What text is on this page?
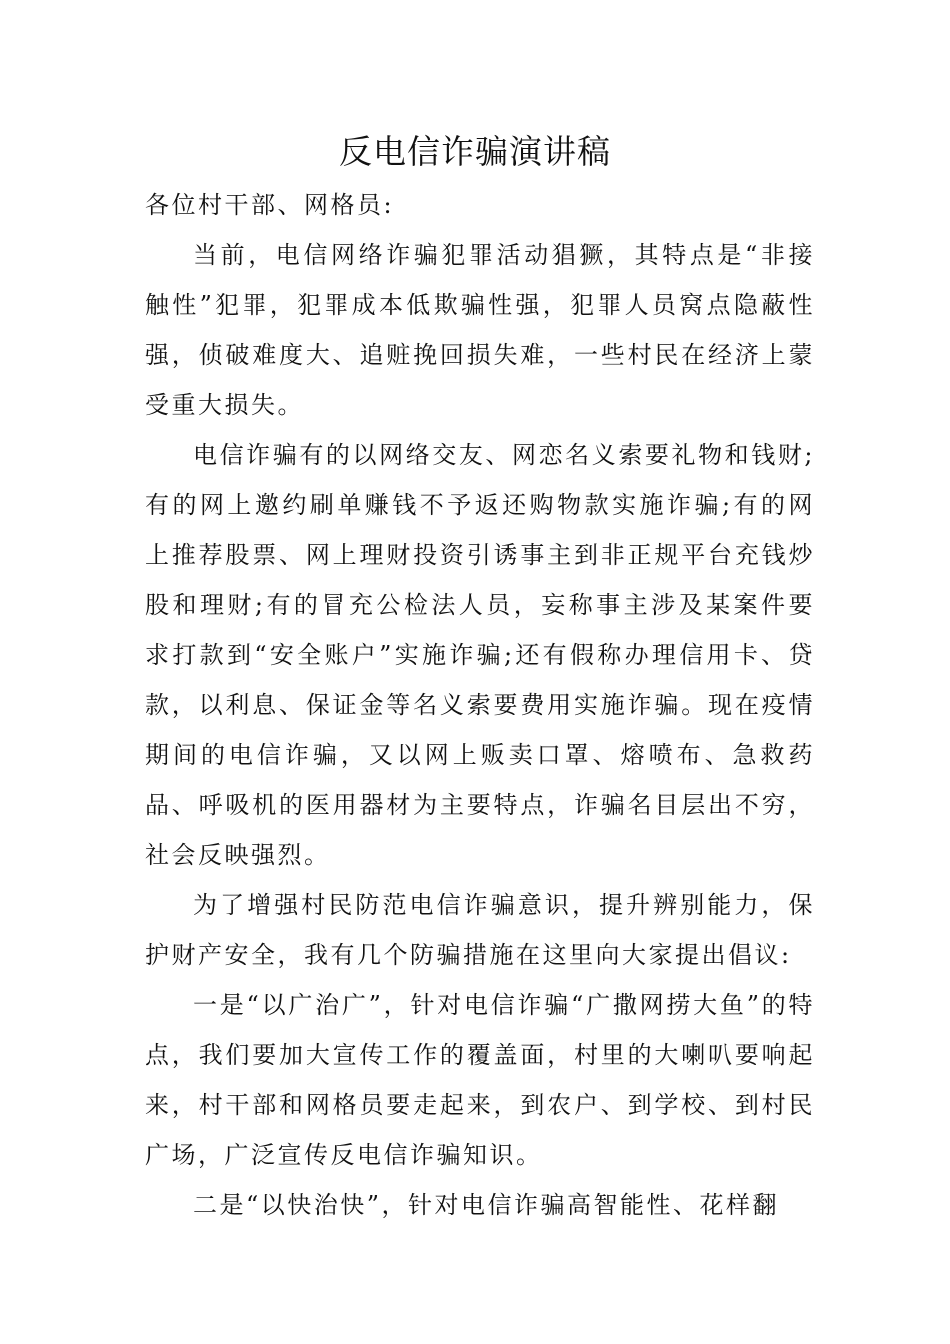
反电信诈骗演讲稿

各位村干部、网格员:

当前，电信网络诈骗犯罪活动猖獗，其特点是“非接触性”犯罪，犯罪成本低欺骗性强，犯罪人员窝点隐蔽性强，侦破难度大、追赃挽回损失难，一些村民在经济上蒙受重大损失。

电信诈骗有的以网络交友、网恋名义索要礼物和钱财;有的网上邀约刷单赚钱不予返还购物款实施诈骗;有的网上推荐股票、网上理财投资引诱事主到非正规平台充钱炒股和理财;有的冒充公检法人员，妄称事主涉及某案件要求打款到“安全账户”实施诈骗;还有假称办理信用卡、贷款，以利息、保证金等名义索要费用实施诈骗。现在疫情期间的电信诈骗，又以网上贩卖口罩、熔喷布、急救药品、呼吸机的医用器材为主要特点，诈骗名目层出不穷，社会反映强烈。

为了增强村民防范电信诈骗意识，提升辨别能力，保护财产安全，我有几个防骗措施在这里向大家提出倡议:

一是“以广治广”，针对电信诈骗“广撒网捞大鱼”的特点，我们要加大宣传工作的覆盖面，村里的大喇叭要响起来，村干部和网格员要走起来，到农户、到学校、到村民广场，广泛宣传反电信诈骗知识。

二是“以快治快”，针对电信诈骗高智能性、花样翻
